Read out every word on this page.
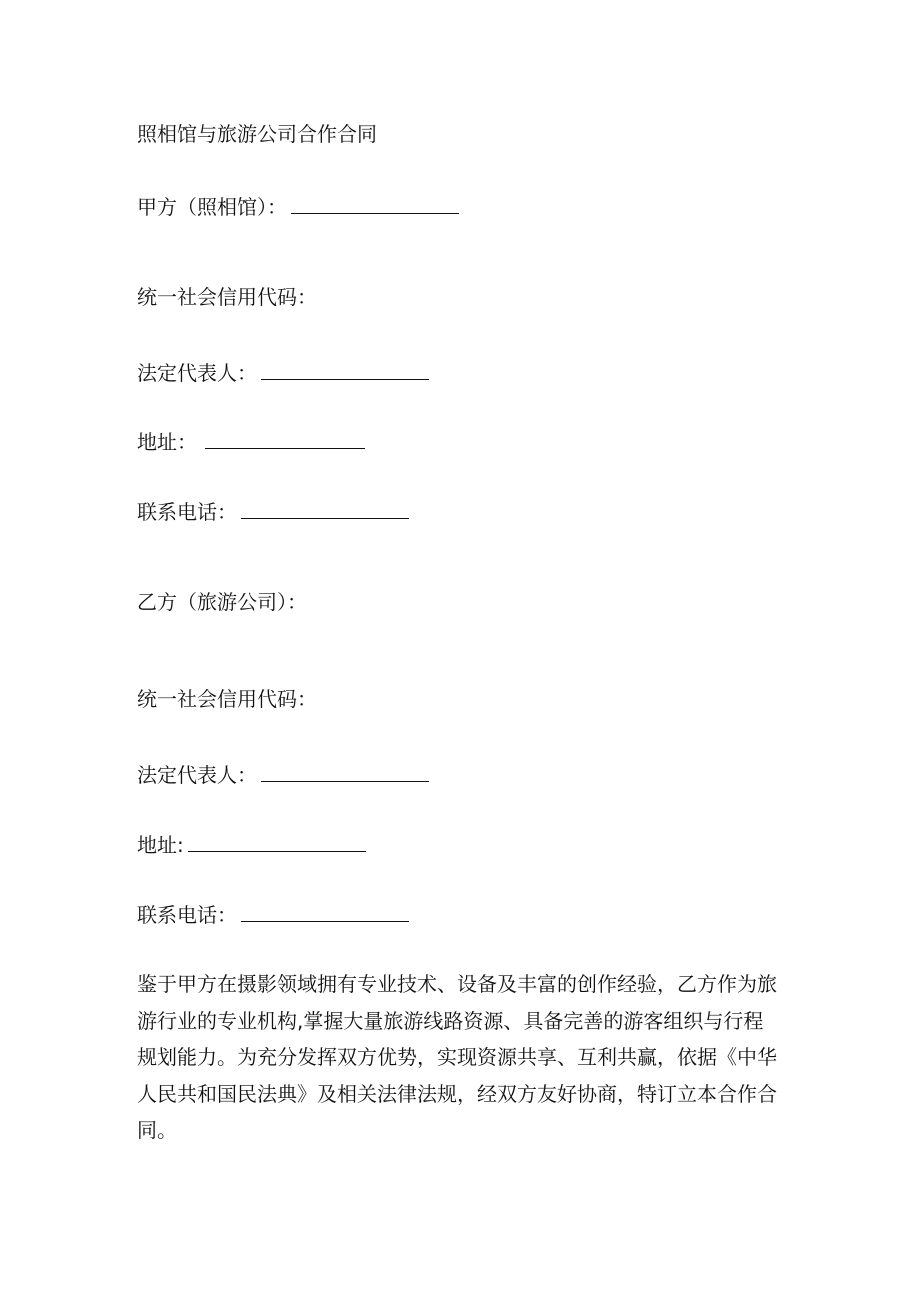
照相馆与旅游公司合作合同
甲方（照相馆）：
统一社会信用代码：
法定代表人：
地址：
联系电话：
乙方（旅游公司）：
统一社会信用代码：
法定代表人：
地址:
联系电话：

鉴于甲方在摄影领域拥有专业技术、设备及丰富的创作经验，乙方作为旅

游行业的专业机构,掌握大量旅游线路资源、具备完善的游客组织与行程

规划能力。为充分发挥双方优势，实现资源共享、互利共赢，依据《中华

人民共和国民法典》及相关法律法规，经双方友好协商，特订立本合作合

同。
